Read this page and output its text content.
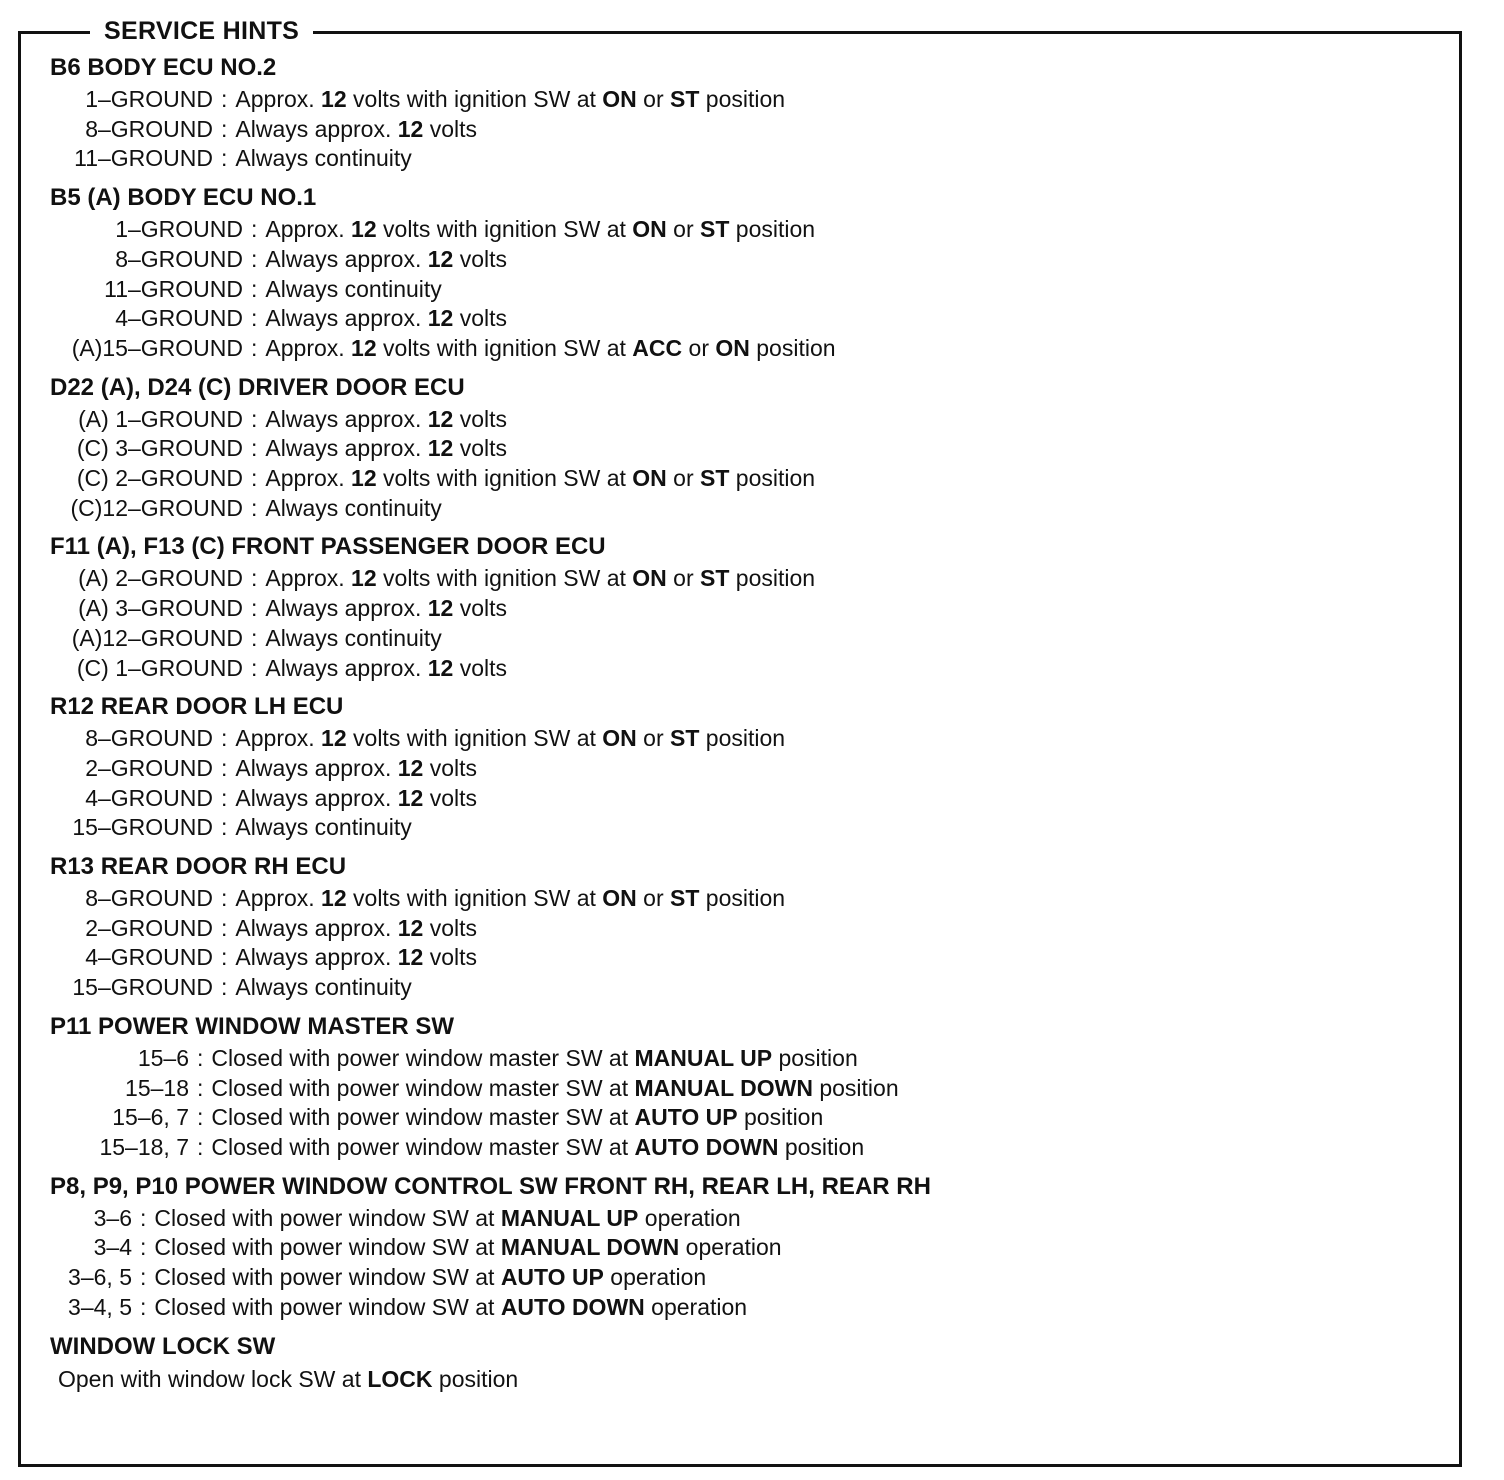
SERVICE HINTS
B6 BODY ECU NO.2
1–GROUND : Approx. 12 volts with ignition SW at ON or ST position
8–GROUND : Always approx. 12 volts
11–GROUND : Always continuity
B5 (A) BODY ECU NO.1
1–GROUND : Approx. 12 volts with ignition SW at ON or ST position
8–GROUND : Always approx. 12 volts
11–GROUND : Always continuity
4–GROUND : Always approx. 12 volts
(A)15–GROUND : Approx. 12 volts with ignition SW at ACC or ON position
D22 (A), D24 (C) DRIVER DOOR ECU
(A) 1–GROUND : Always approx. 12 volts
(C) 3–GROUND : Always approx. 12 volts
(C) 2–GROUND : Approx. 12 volts with ignition SW at ON or ST position
(C)12–GROUND : Always continuity
F11 (A), F13 (C) FRONT PASSENGER DOOR ECU
(A) 2–GROUND : Approx. 12 volts with ignition SW at ON or ST position
(A) 3–GROUND : Always approx. 12 volts
(A)12–GROUND : Always continuity
(C) 1–GROUND : Always approx. 12 volts
R12 REAR DOOR LH ECU
8–GROUND : Approx. 12 volts with ignition SW at ON or ST position
2–GROUND : Always approx. 12 volts
4–GROUND : Always approx. 12 volts
15–GROUND : Always continuity
R13 REAR DOOR RH ECU
8–GROUND : Approx. 12 volts with ignition SW at ON or ST position
2–GROUND : Always approx. 12 volts
4–GROUND : Always approx. 12 volts
15–GROUND : Always continuity
P11 POWER WINDOW MASTER SW
15–6 : Closed with power window master SW at MANUAL UP position
15–18 : Closed with power window master SW at MANUAL DOWN position
15–6, 7 : Closed with power window master SW at AUTO UP position
15–18, 7 : Closed with power window master SW at AUTO DOWN position
P8, P9, P10 POWER WINDOW CONTROL SW FRONT RH, REAR LH, REAR RH
3–6 : Closed with power window SW at MANUAL UP operation
3–4 : Closed with power window SW at MANUAL DOWN operation
3–6, 5 : Closed with power window SW at AUTO UP operation
3–4, 5 : Closed with power window SW at AUTO DOWN operation
WINDOW LOCK SW
Open with window lock SW at LOCK position
